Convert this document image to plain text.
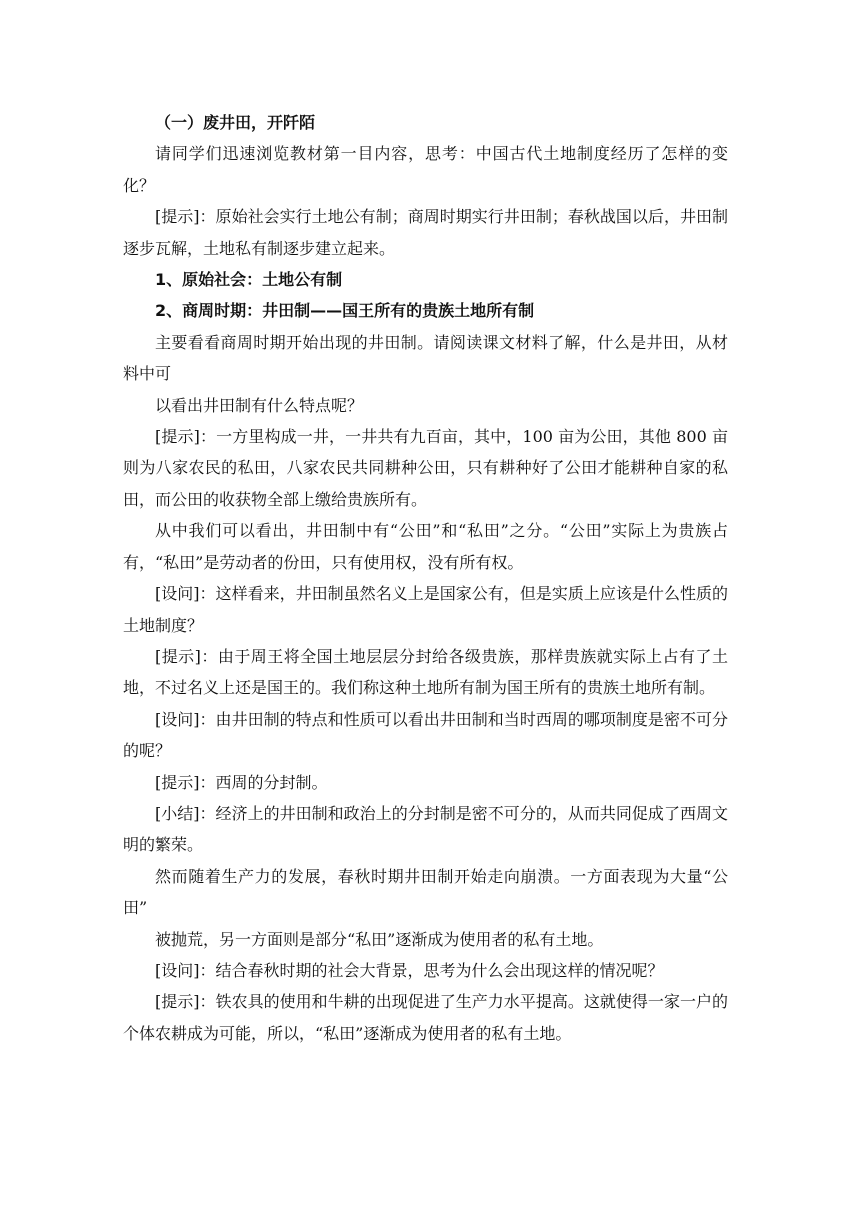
（一）废井田，开阡陌

请同学们迅速浏览教材第一目内容，思考：中国古代土地制度经历了怎样的变化？

[提示]：原始社会实行土地公有制；商周时期实行井田制；春秋战国以后，井田制逐步瓦解，土地私有制逐步建立起来。

1、原始社会：土地公有制

2、商周时期：井田制——国王所有的贵族土地所有制

主要看看商周时期开始出现的井田制。请阅读课文材料了解，什么是井田，从材料中可

以看出井田制有什么特点呢？

[提示]：一方里构成一井，一井共有九百亩，其中，100 亩为公田，其他 800 亩则为八家农民的私田，八家农民共同耕种公田，只有耕种好了公田才能耕种自家的私田，而公田的收获物全部上缴给贵族所有。

从中我们可以看出，井田制中有“公田”和“私田”之分。“公田”实际上为贵族占有，“私田”是劳动者的份田，只有使用权，没有所有权。

[设问]：这样看来，井田制虽然名义上是国家公有，但是实质上应该是什么性质的土地制度？

[提示]：由于周王将全国土地层层分封给各级贵族，那样贵族就实际上占有了土地，不过名义上还是国王的。我们称这种土地所有制为国王所有的贵族土地所有制。

[设问]：由井田制的特点和性质可以看出井田制和当时西周的哪项制度是密不可分的呢？

[提示]：西周的分封制。

[小结]：经济上的井田制和政治上的分封制是密不可分的，从而共同促成了西周文明的繁荣。

然而随着生产力的发展，春秋时期井田制开始走向崩溃。一方面表现为大量“公田”

被抛荒，另一方面则是部分“私田”逐渐成为使用者的私有土地。

[设问]：结合春秋时期的社会大背景，思考为什么会出现这样的情况呢？

[提示]：铁农具的使用和牛耕的出现促进了生产力水平提高。这就使得一家一户的个体农耕成为可能，所以，“私田”逐渐成为使用者的私有土地。
